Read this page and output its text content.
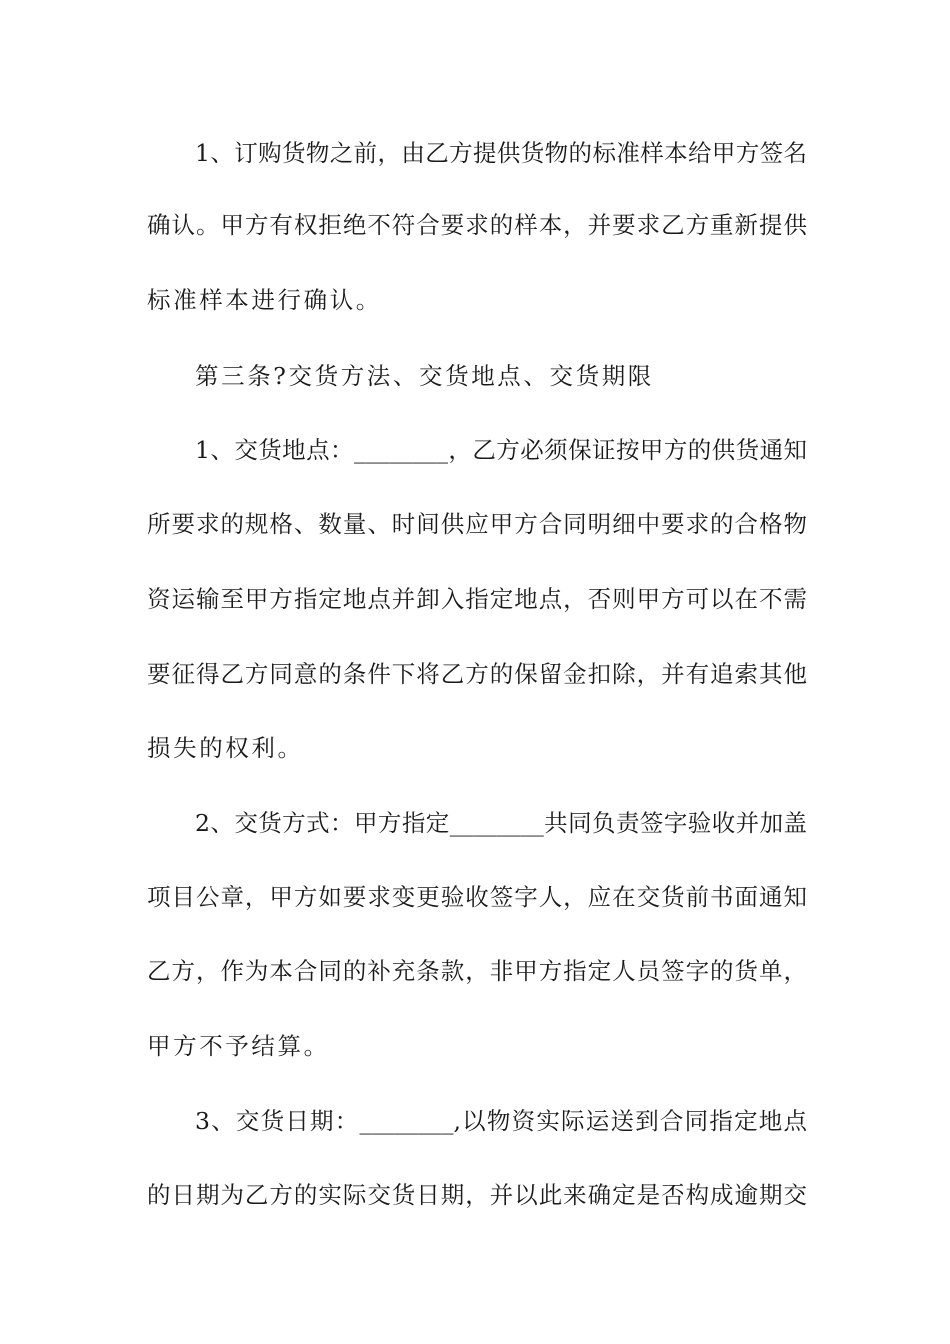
1、订购货物之前，由乙方提供货物的标准样本给甲方签名
确认。甲方有权拒绝不符合要求的样本，并要求乙方重新提供
标准样本进行确认。
第三条?交货方法、交货地点、交货期限
1、交货地点：________，乙方必须保证按甲方的供货通知
所要求的规格、数量、时间供应甲方合同明细中要求的合格物
资运输至甲方指定地点并卸入指定地点，否则甲方可以在不需
要征得乙方同意的条件下将乙方的保留金扣除，并有追索其他
损失的权利。
2、交货方式：甲方指定________共同负责签字验收并加盖
项目公章，甲方如要求变更验收签字人，应在交货前书面通知
乙方，作为本合同的补充条款，非甲方指定人员签字的货单，
甲方不予结算。
3、交货日期：________,以物资实际运送到合同指定地点
的日期为乙方的实际交货日期，并以此来确定是否构成逾期交
